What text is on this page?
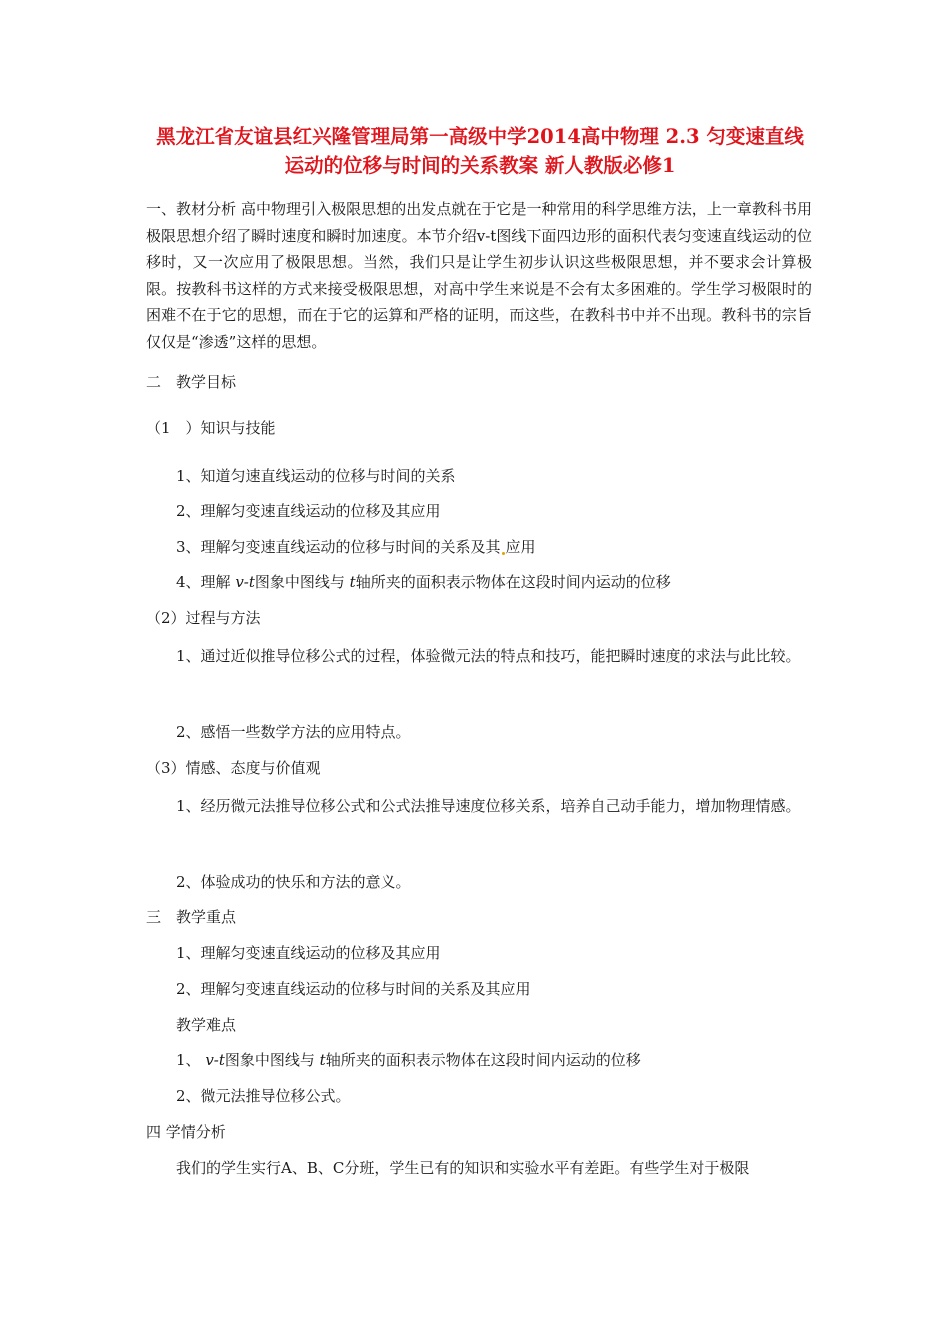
黑龙江省友谊县红兴隆管理局第一高级中学2014高中物理 2.3 匀变速直线运动的位移与时间的关系教案 新人教版必修1

一、教材分析 高中物理引入极限思想的出发点就在于它是一种常用的科学思维方法，上一章教科书用极限思想介绍了瞬时速度和瞬时加速度。本节介绍v-t图线下面四边形的面积代表匀变速直线运动的位移时，又一次应用了极限思想。当然，我们只是让学生初步认识这些极限思想，并不要求会计算极限。按教科书这样的方式来接受极限思想，对高中学生来说是不会有太多困难的。学生学习极限时的困难不在于它的思想，而在于它的运算和严格的证明，而这些，在教科书中并不出现。教科书的宗旨仅仅是“渗透”这样的思想。

二　教学目标

（1　）知识与技能

1、知道匀速直线运动的位移与时间的关系

2、理解匀变速直线运动的位移及其应用

3、理解匀变速直线运动的位移与时间的关系及其 应用

4、理解 v-t图象中图线与 t轴所夹的面积表示物体在这段时间内运动的位移

（2）过程与方法

1、通过近似推导位移公式的过程，体验微元法的特点和技巧，能把瞬时速度的求法与此比较。

2、感悟一些数学方法的应用特点。

（3）情感、态度与价值观

1、经历微元法推导位移公式和公式法推导速度位移关系，培养自己动手能力，增加物理情感。

2、体验成功的快乐和方法的意义。

三　教学重点

1、理解匀变速直线运动的位移及其应用

2、理解匀变速直线运动的位移与时间的关系及其应用

教学难点

1、 v-t图象中图线与 t轴所夹的面积表示物体在这段时间内运动的位移

2、微元法推导位移公式。

四 学情分析

我们的学生实行A、B、C分班，学生已有的知识和实验水平有差距。有些学生对于极限
